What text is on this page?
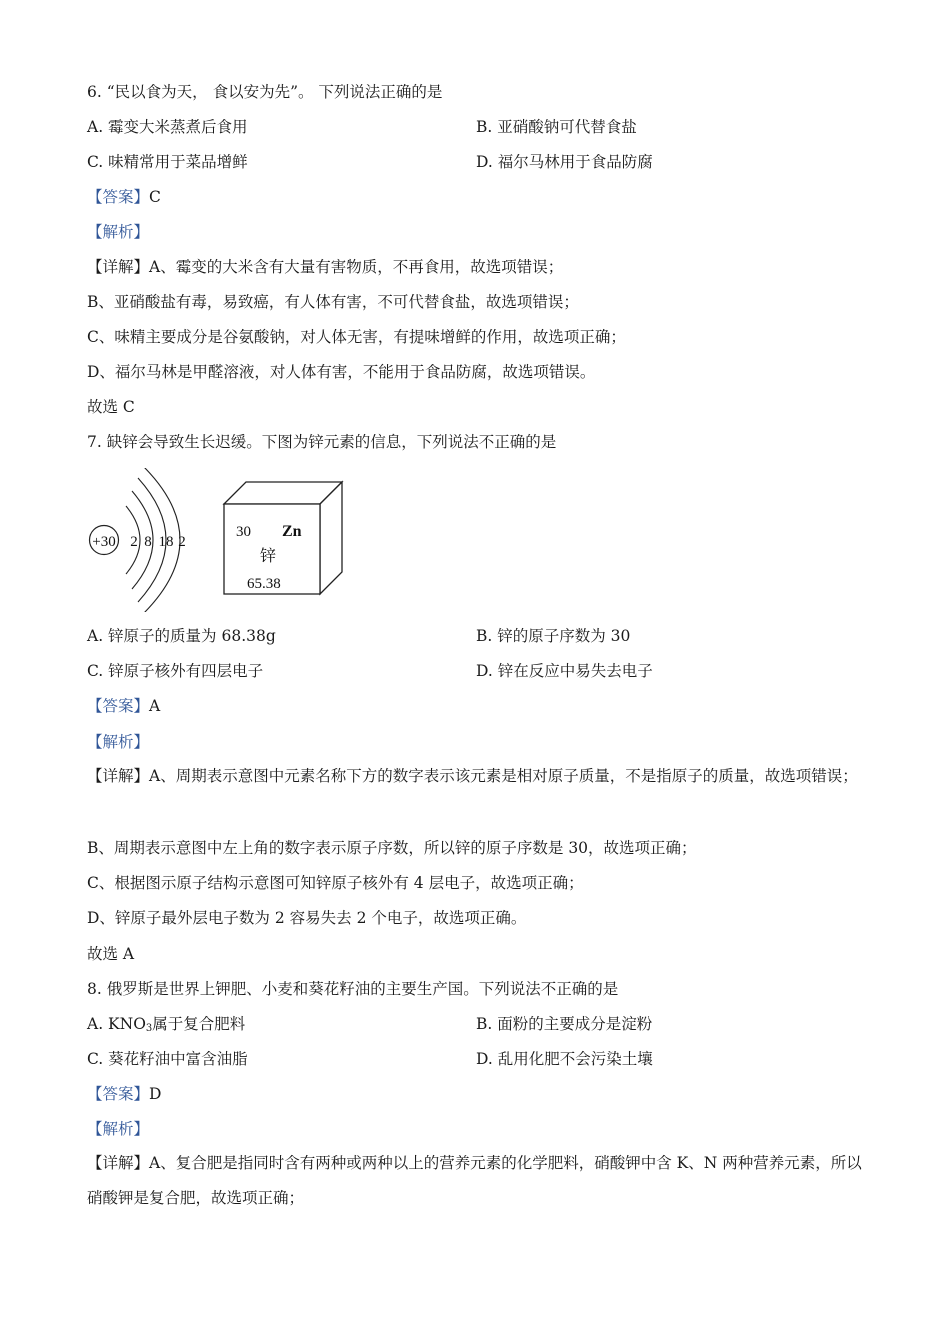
6. “民以食为天， 食以安为先”。 下列说法正确的是
A. 霉变大米蒸煮后食用	B. 亚硝酸钠可代替食盐
C. 味精常用于菜品增鲜	D. 福尔马林用于食品防腐
【答案】C
【解析】
【详解】A、霉变的大米含有大量有害物质，不再食用，故选项错误；
B、亚硝酸盐有毒，易致癌，有人体有害，不可代替食盐，故选项错误；
C、味精主要成分是谷氨酸钠，对人体无害，有提味增鲜的作用，故选项正确；
D、福尔马林是甲醛溶液，对人体有害，不能用于食品防腐，故选项错误。
故选 C
7. 缺锌会导致生长迟缓。下图为锌元素的信息，下列说法不正确的是
+30 2 8 18 2
30 Zn
锌
65.38
A. 锌原子的质量为 68.38g	B. 锌的原子序数为 30
C. 锌原子核外有四层电子	D. 锌在反应中易失去电子
【答案】A
【解析】
【详解】A、周期表示意图中元素名称下方的数字表示该元素是相对原子质量，不是指原子的质量，故选项错误；
B、周期表示意图中左上角的数字表示原子序数，所以锌的原子序数是 30，故选项正确；
C、根据图示原子结构示意图可知锌原子核外有 4 层电子，故选项正确；
D、锌原子最外层电子数为 2 容易失去 2 个电子，故选项正确。
故选 A
8. 俄罗斯是世界上钾肥、小麦和葵花籽油的主要生产国。下列说法不正确的是
A. $KNO_3$属于复合肥料	B. 面粉的主要成分是淀粉
C. 葵花籽油中富含油脂	D. 乱用化肥不会污染土壤
【答案】D
【解析】
【详解】A、复合肥是指同时含有两种或两种以上的营养元素的化学肥料，硝酸钾中含 K、N 两种营养元素，所以硝酸钾是复合肥，故选项正确；
